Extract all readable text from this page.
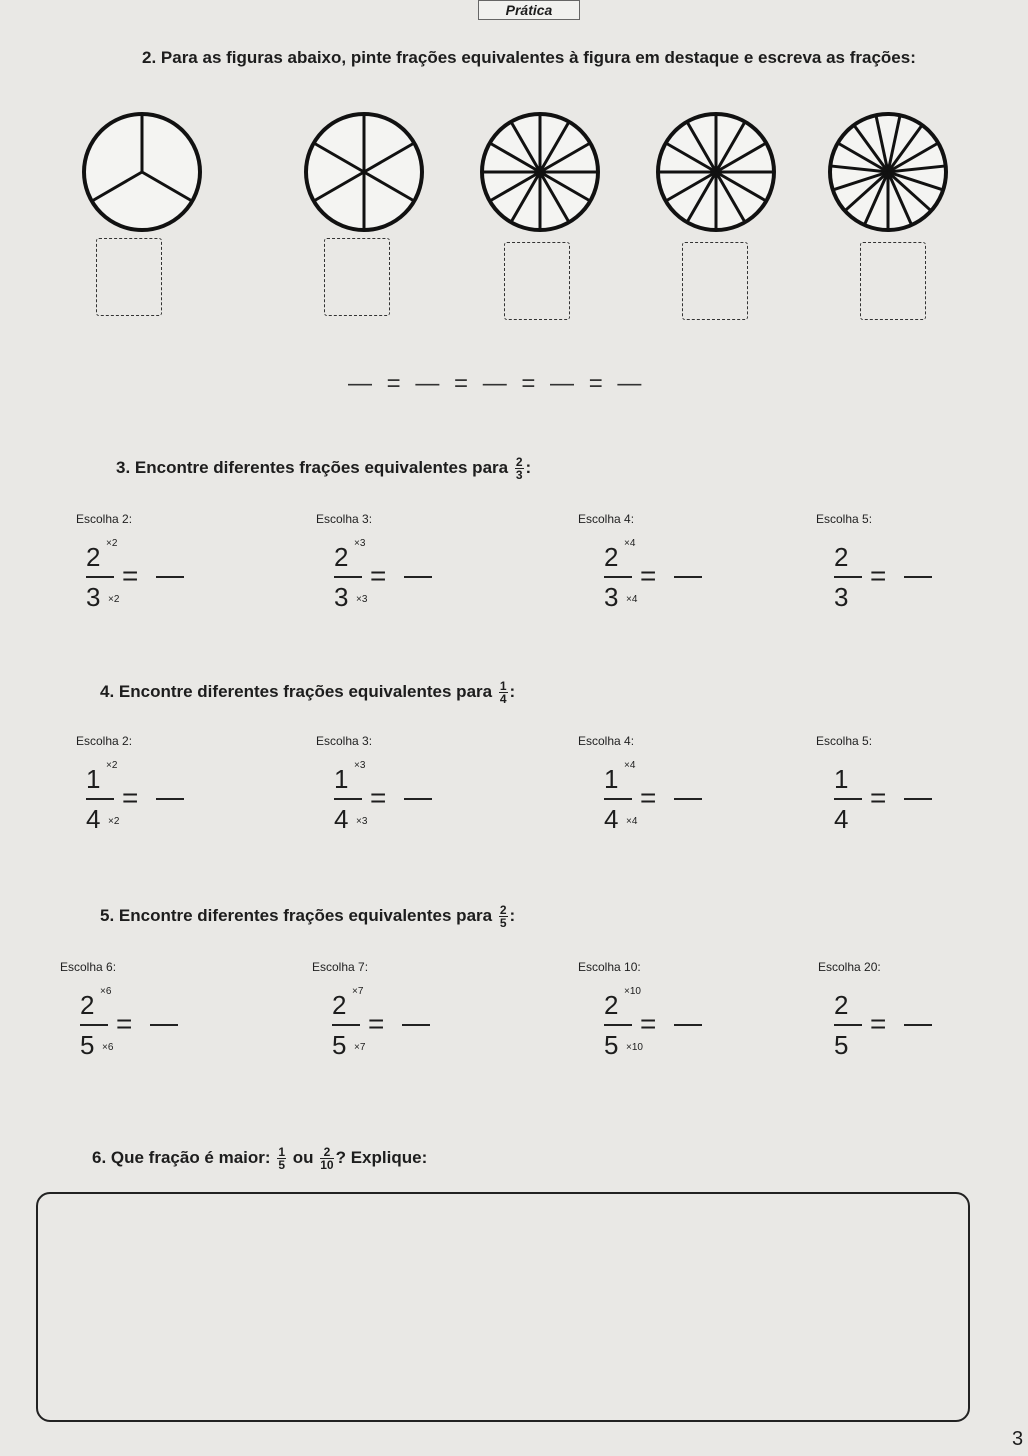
Prática
2. Para as figuras abaixo, pinte frações equivalentes à figura em destaque e escreva as frações:
— = — = — = — = —
3. Encontre diferentes frações equivalentes para $\frac{2}{3}$ :
Escolha 2:
2 ×2
3 ×2
=
Escolha 3:
2 ×3
3 ×3
=
Escolha 4:
2 ×4
3 ×4
=
Escolha 5:
2
3
=
4. Encontre diferentes frações equivalentes para $\frac{1}{4}$ :
Escolha 2:
1 ×2
4 ×2
=
Escolha 3:
1 ×3
4 ×3
=
Escolha 4:
1 ×4
4 ×4
=
Escolha 5:
1
4
=
5. Encontre diferentes frações equivalentes para $\frac{2}{5}$ :
Escolha 6:
2 ×6
5 ×6
=
Escolha 7:
2 ×7
5 ×7
=
Escolha 10:
2 ×10
5 ×10
=
Escolha 20:
2
5
=
6. Que fração é maior: $\frac{1}{5}$ ou $\frac{2}{10}$ ? Explique:
3
